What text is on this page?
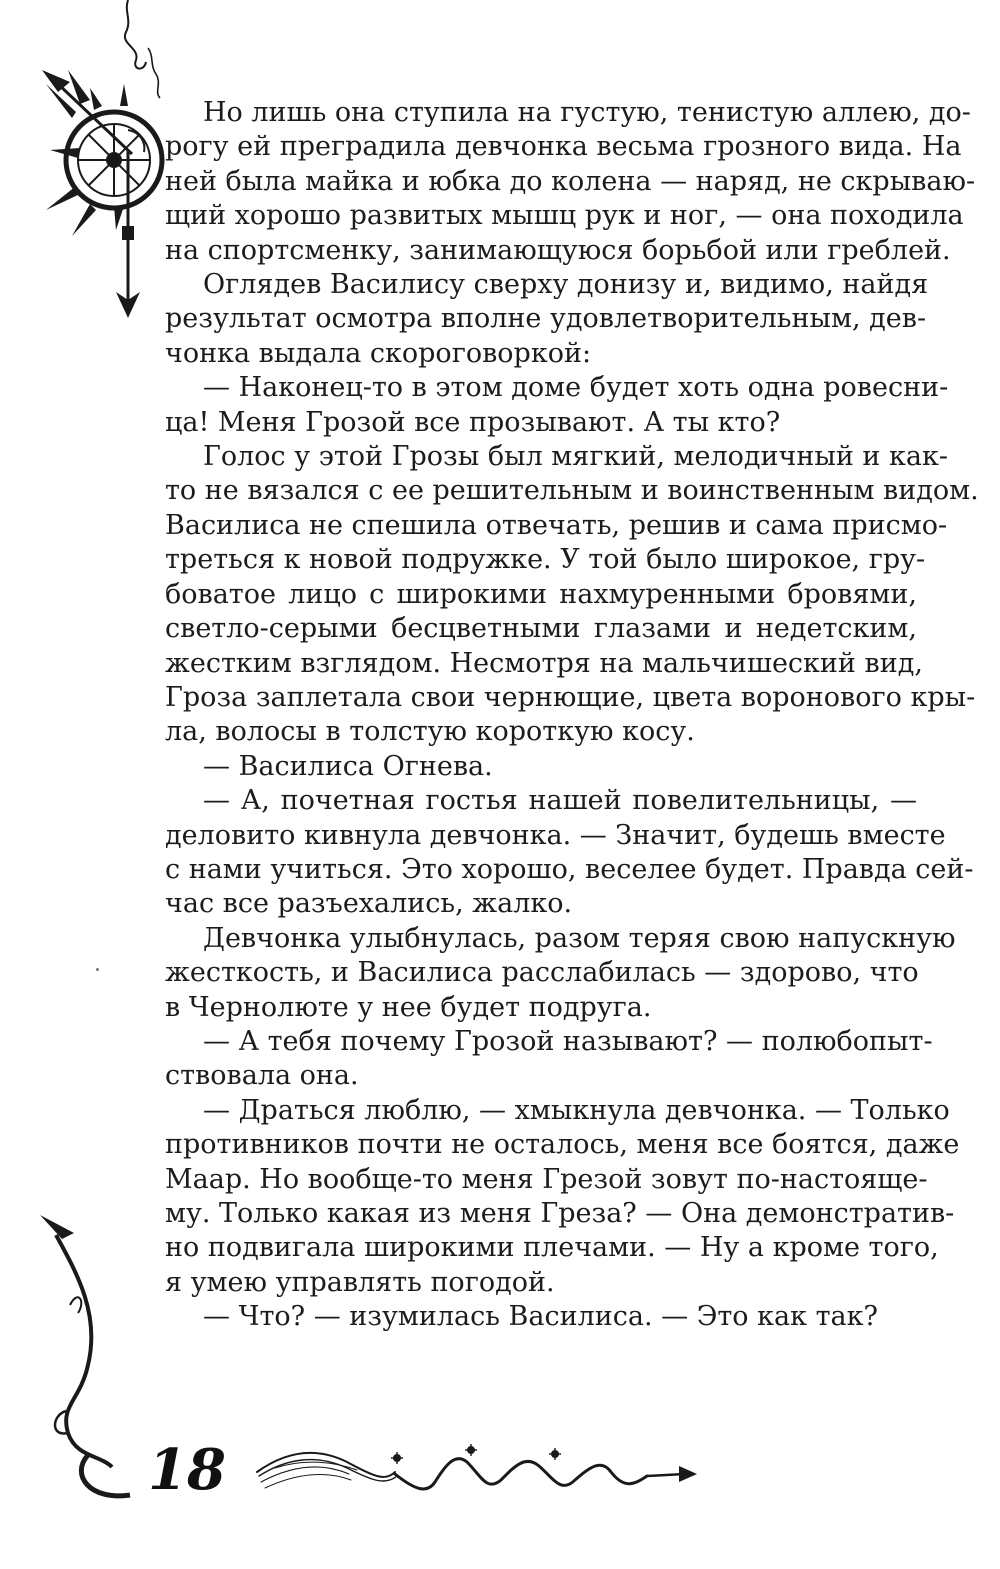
Но лишь она ступила на густую, тенистую аллею, до-
рогу ей преградила девчонка весьма грозного вида. На
ней была майка и юбка до колена — наряд, не скрываю-
щий хорошо развитых мышц рук и ног, — она походила
на спортсменку, занимающуюся борьбой или греблей.
Оглядев Василису сверху донизу и, видимо, найдя
результат осмотра вполне удовлетворительным, дев-
чонка выдала скороговоркой:
— Наконец-то в этом доме будет хоть одна ровесни-
ца! Меня Грозой все прозывают. А ты кто?
Голос у этой Грозы был мягкий, мелодичный и как-
то не вязался с ее решительным и воинственным видом.
Василиса не спешила отвечать, решив и сама присмо-
треться к новой подружке. У той было широкое, гру-
боватое лицо с широкими нахмуренными бровями,
светло-серыми бесцветными глазами и недетским,
жестким взглядом. Несмотря на мальчишеский вид,
Гроза заплетала свои чернющие, цвета воронового кры-
ла, волосы в толстую короткую косу.
— Василиса Огнева.
— А, почетная гостья нашей повелительницы, —
деловито кивнула девчонка. — Значит, будешь вместе
с нами учиться. Это хорошо, веселее будет. Правда сей-
час все разъехались, жалко.
Девчонка улыбнулась, разом теряя свою напускную
жесткость, и Василиса расслабилась — здорово, что
в Чернолюте у нее будет подруга.
— А тебя почему Грозой называют? — полюбопыт-
ствовала она.
— Драться люблю, — хмыкнула девчонка. — Только
противников почти не осталось, меня все боятся, даже
Маар. Но вообще-то меня Грезой зовут по-настояще-
му. Только какая из меня Греза? — Она демонстратив-
но подвигала широкими плечами. — Ну а кроме того,
я умею управлять погодой.
— Что? — изумилась Василиса. — Это как так?
18
